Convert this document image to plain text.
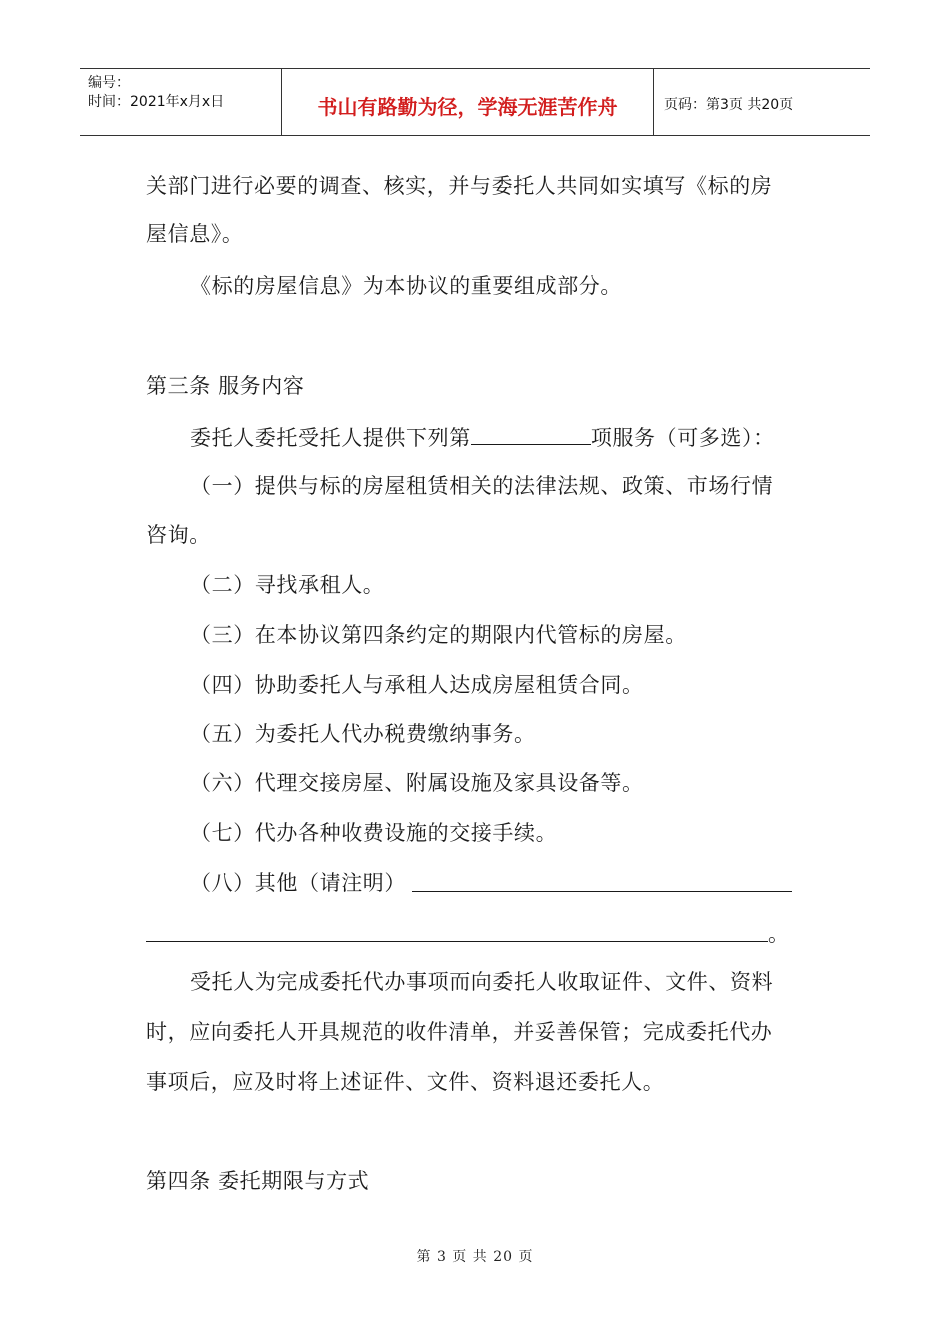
编号：
时间：2021年x月x日	书山有路勤为径，学海无涯苦作舟	页码：第3页 共20页
关部门进行必要的调查、核实，并与委托人共同如实填写《标的房
屋信息》。
《标的房屋信息》为本协议的重要组成部分。
第三条 服务内容
委托人委托受托人提供下列第	项服务（可多选）：
（一）提供与标的房屋租赁相关的法律法规、政策、市场行情
咨询。
（二）寻找承租人。
（三）在本协议第四条约定的期限内代管标的房屋。
（四）协助委托人与承租人达成房屋租赁合同。
（五）为委托人代办税费缴纳事务。
（六）代理交接房屋、附属设施及家具设备等。
（七）代办各种收费设施的交接手续。
（八）其他（请注明）
。
受托人为完成委托代办事项而向委托人收取证件、文件、资料
时，应向委托人开具规范的收件清单，并妥善保管；完成委托代办
事项后，应及时将上述证件、文件、资料退还委托人。
第四条 委托期限与方式
第 3 页 共 20 页
